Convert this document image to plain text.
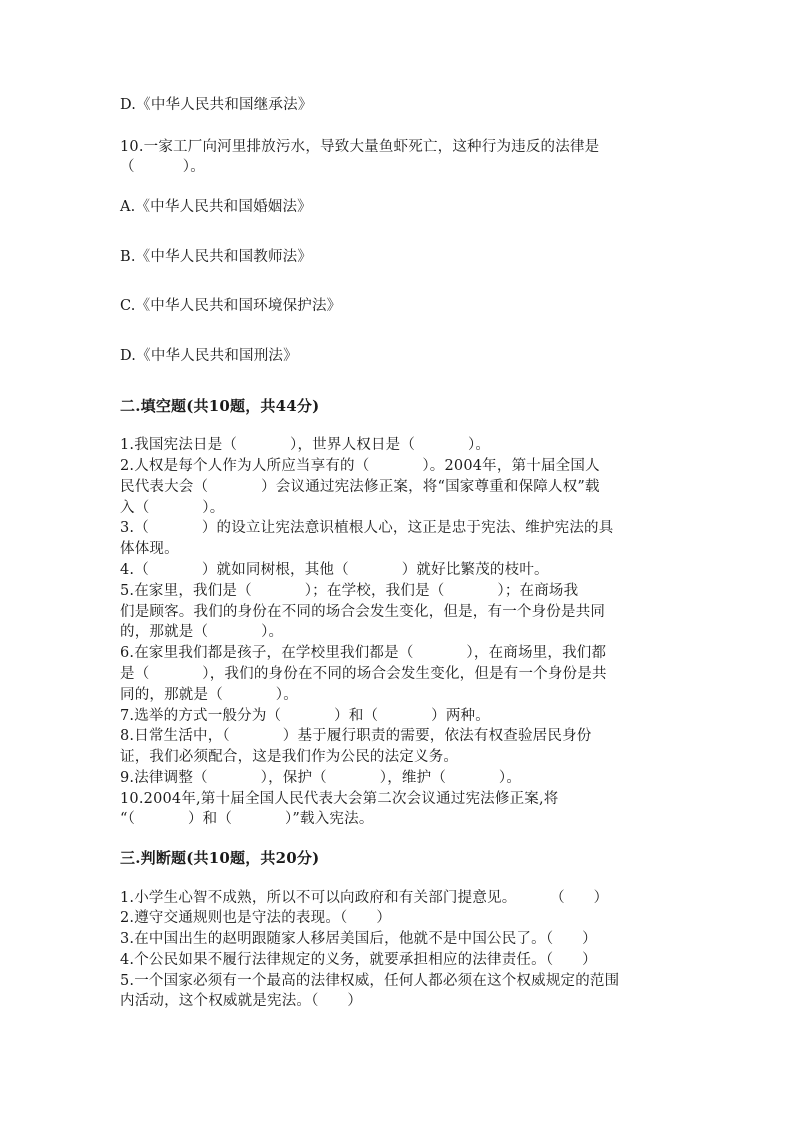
D.《中华人民共和国继承法》
10.一家工厂向河里排放污水，导致大量鱼虾死亡，这种行为违反的法律是
（          ）。
A.《中华人民共和国婚姻法》
B.《中华人民共和国教师法》
C.《中华人民共和国环境保护法》
D.《中华人民共和国刑法》
二.填空题(共10题，共44分)
1.我国宪法日是（           ），世界人权日是（           ）。
2.人权是每个人作为人所应当享有的（           ）。2004年，第十届全国人
民代表大会（           ）会议通过宪法修正案，将“国家尊重和保障人权”载
入（           ）。
3.（           ）的设立让宪法意识植根人心，这正是忠于宪法、维护宪法的具
体体现。
4.（           ）就如同树根，其他（           ）就好比繁茂的枝叶。
5.在家里，我们是（           ）；在学校，我们是（           ）；在商场我
们是顾客。我们的身份在不同的场合会发生变化，但是，有一个身份是共同
的，那就是（           ）。
6.在家里我们都是孩子，在学校里我们都是（           ），在商场里，我们都
是（           ），我们的身份在不同的场合会发生变化，但是有一个身份是共
同的，那就是（           ）。
7.选举的方式一般分为（           ）和（           ）两种。
8.日常生活中，（           ）基于履行职责的需要，依法有权查验居民身份
证，我们必须配合，这是我们作为公民的法定义务。
9.法律调整（           ），保护（           ），维护（           ）。
10.2004年,第十届全国人民代表大会第二次会议通过宪法修正案,将
“（           ）和（           ）”载入宪法。
三.判断题(共10题，共20分)
1.小学生心智不成熟，所以不可以向政府和有关部门提意见。       （      ）
2.遵守交通规则也是守法的表现。（      ）
3.在中国出生的赵明跟随家人移居美国后，他就不是中国公民了。（      ）
4.个公民如果不履行法律规定的义务，就要承担相应的法律责任。（      ）
5.一个国家必须有一个最高的法律权威，任何人都必须在这个权威规定的范围
内活动，这个权威就是宪法。（      ）
